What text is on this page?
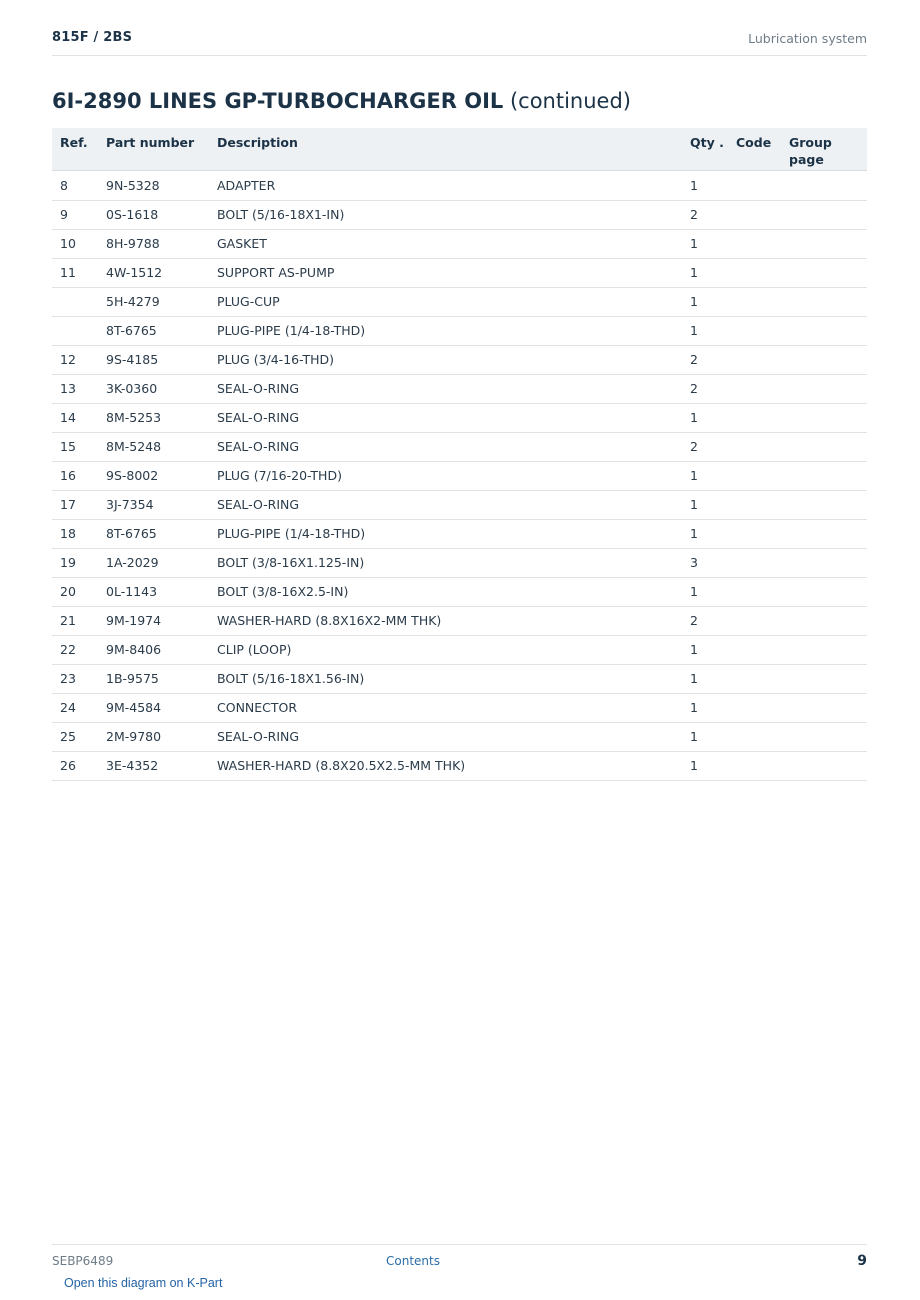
815F / 2BS	Lubrication system
6I-2890 LINES GP-TURBOCHARGER OIL (continued)
Ref.	Part number	Description	Qty .	Code	Group page
8	9N-5328	ADAPTER	1		
9	0S-1618	BOLT (5/16-18X1-IN)	2		
10	8H-9788	GASKET	1		
11	4W-1512	SUPPORT AS-PUMP	1		
	5H-4279	PLUG-CUP	1		
	8T-6765	PLUG-PIPE (1/4-18-THD)	1		
12	9S-4185	PLUG (3/4-16-THD)	2		
13	3K-0360	SEAL-O-RING	2		
14	8M-5253	SEAL-O-RING	1		
15	8M-5248	SEAL-O-RING	2		
16	9S-8002	PLUG (7/16-20-THD)	1		
17	3J-7354	SEAL-O-RING	1		
18	8T-6765	PLUG-PIPE (1/4-18-THD)	1		
19	1A-2029	BOLT (3/8-16X1.125-IN)	3		
20	0L-1143	BOLT (3/8-16X2.5-IN)	1		
21	9M-1974	WASHER-HARD (8.8X16X2-MM THK)	2		
22	9M-8406	CLIP (LOOP)	1		
23	1B-9575	BOLT (5/16-18X1.56-IN)	1		
24	9M-4584	CONNECTOR	1		
25	2M-9780	SEAL-O-RING	1		
26	3E-4352	WASHER-HARD (8.8X20.5X2.5-MM THK)	1		
SEBP6489	Contents	9
Open this diagram on K-Part
